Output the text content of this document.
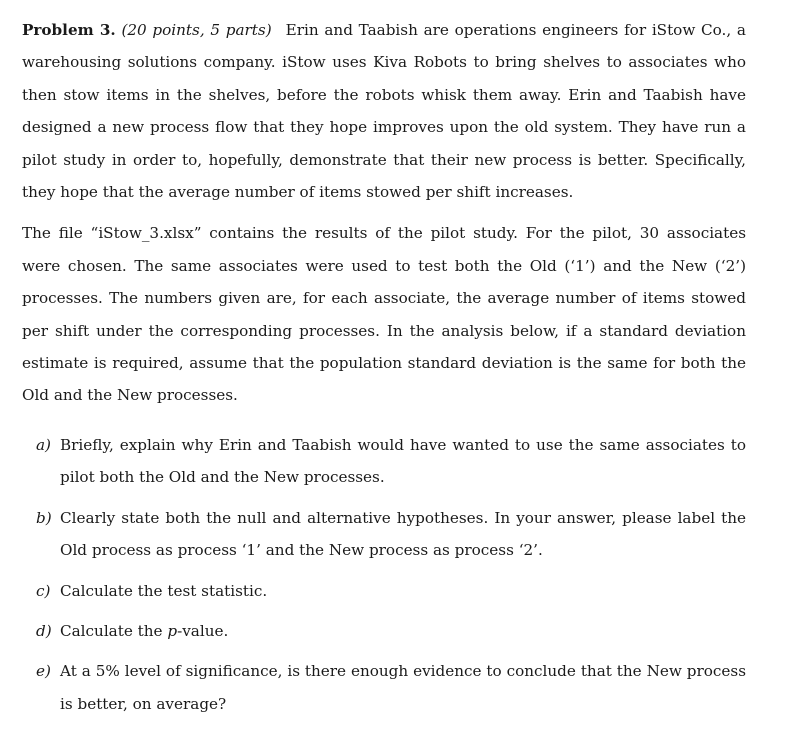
Problem 3. (20 points, 5 parts) Erin and Taabish are operations engineers for iStow Co., a warehousing solutions company. iStow uses Kiva Robots to bring shelves to associates who then stow items in the shelves, before the robots whisk them away. Erin and Taabish have designed a new process flow that they hope improves upon the old system. They have run a pilot study in order to, hopefully, demonstrate that their new process is better. Specifically, they hope that the average number of items stowed per shift increases.

The file “iStow_3.xlsx” contains the results of the pilot study. For the pilot, 30 associates were chosen. The same associates were used to test both the Old (‘1’) and the New (‘2’) processes. The numbers given are, for each associate, the average number of items stowed per shift under the corresponding processes. In the analysis below, if a standard deviation estimate is required, assume that the population standard deviation is the same for both the Old and the New processes.

a) Briefly, explain why Erin and Taabish would have wanted to use the same associates to pilot both the Old and the New processes.
b) Clearly state both the null and alternative hypotheses. In your answer, please label the Old process as process ‘1’ and the New process as process ‘2’.
c) Calculate the test statistic.
d) Calculate the p-value.
e) At a 5% level of significance, is there enough evidence to conclude that the New process is better, on average?
